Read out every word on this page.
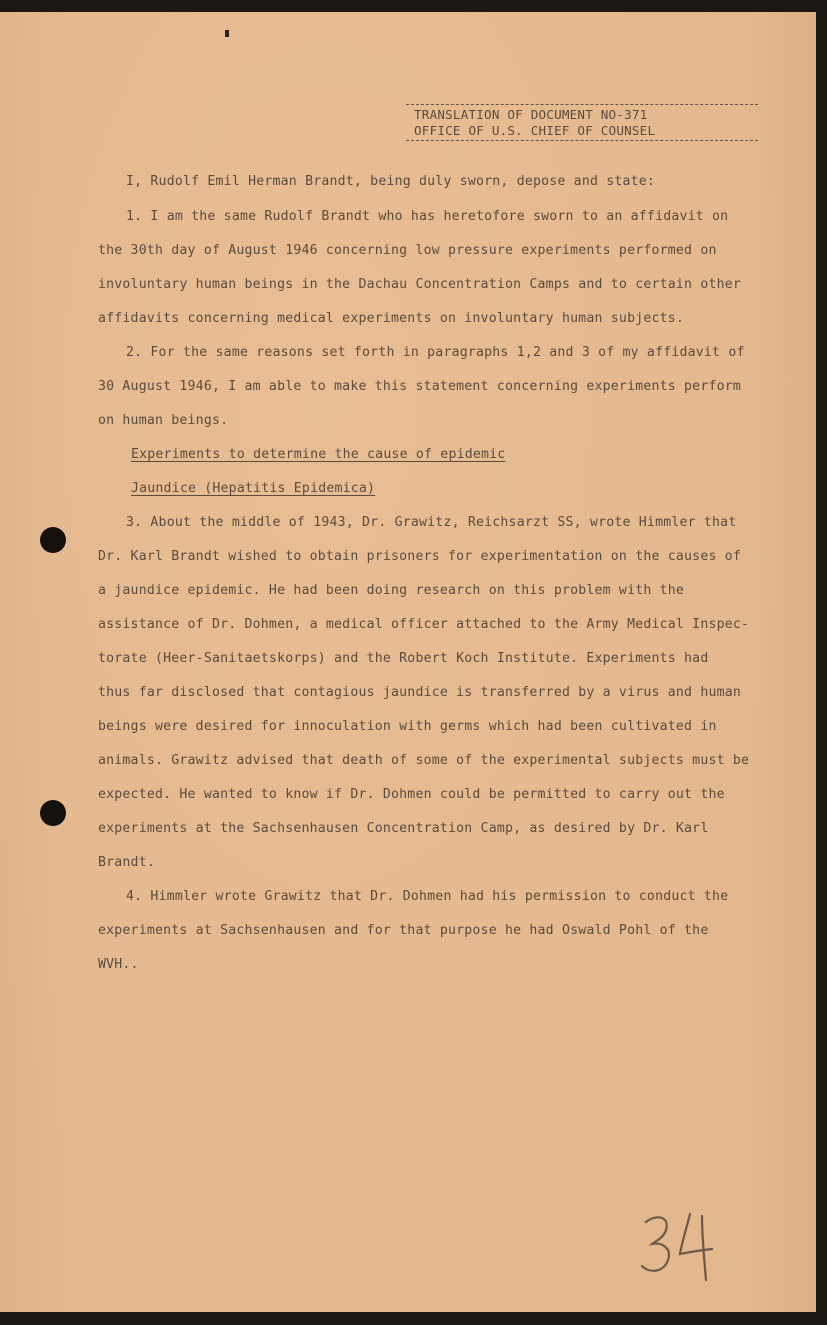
TRANSLATION OF DOCUMENT NO-371
OFFICE OF U.S. CHIEF OF COUNSEL
I, Rudolf Emil Herman Brandt, being duly sworn, depose and state:
1. I am the same Rudolf Brandt who has heretofore sworn to an affidavit on
the 30th day of August 1946 concerning low pressure experiments performed on
involuntary human beings in the Dachau Concentration Camps and to certain other
affidavits concerning medical experiments on involuntary human subjects.
2. For the same reasons set forth in paragraphs 1,2 and 3 of my affidavit of
30 August 1946, I am able to make this statement concerning experiments perform
on human beings.
Experiments to determine the cause of epidemic
Jaundice (Hepatitis Epidemica)
3. About the middle of 1943, Dr. Grawitz, Reichsarzt SS, wrote Himmler that
Dr. Karl Brandt wished to obtain prisoners for experimentation on the causes of
a jaundice epidemic. He had been doing research on this problem with the
assistance of Dr. Dohmen, a medical officer attached to the Army Medical Inspec-
torate (Heer-Sanitaetskorps) and the Robert Koch Institute. Experiments had
thus far disclosed that contagious jaundice is transferred by a virus and human
beings were desired for innoculation with germs which had been cultivated in
animals. Grawitz advised that death of some of the experimental subjects must be
expected. He wanted to know if Dr. Dohmen could be permitted to carry out the
experiments at the Sachsenhausen Concentration Camp, as desired by Dr. Karl
Brandt.
4. Himmler wrote Grawitz that Dr. Dohmen had his permission to conduct the
experiments at Sachsenhausen and for that purpose he had Oswald Pohl of the
WVH..
